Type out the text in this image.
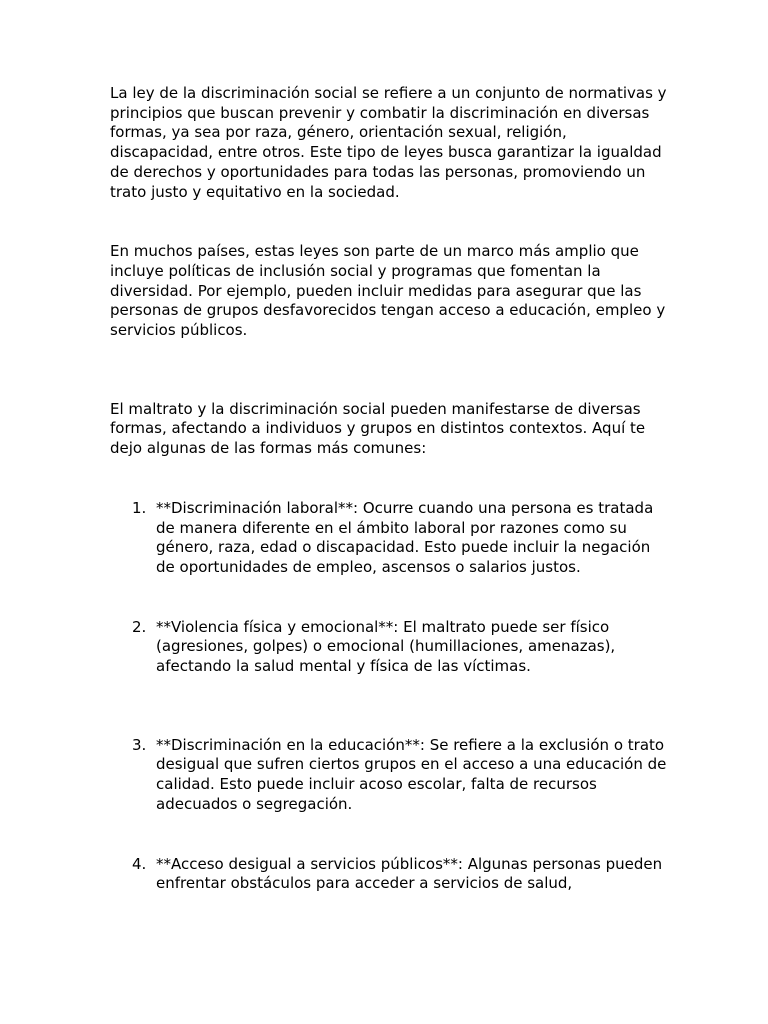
La ley de la discriminación social se refiere a un conjunto de normativas y principios que buscan prevenir y combatir la discriminación en diversas formas, ya sea por raza, género, orientación sexual, religión, discapacidad, entre otros. Este tipo de leyes busca garantizar la igualdad de derechos y oportunidades para todas las personas, promoviendo un trato justo y equitativo en la sociedad.

En muchos países, estas leyes son parte de un marco más amplio que incluye políticas de inclusión social y programas que fomentan la diversidad. Por ejemplo, pueden incluir medidas para asegurar que las personas de grupos desfavorecidos tengan acceso a educación, empleo y servicios públicos.

El maltrato y la discriminación social pueden manifestarse de diversas formas, afectando a individuos y grupos en distintos contextos. Aquí te dejo algunas de las formas más comunes:

1. **Discriminación laboral**: Ocurre cuando una persona es tratada de manera diferente en el ámbito laboral por razones como su género, raza, edad o discapacidad. Esto puede incluir la negación de oportunidades de empleo, ascensos o salarios justos.
2. **Violencia física y emocional**: El maltrato puede ser físico (agresiones, golpes) o emocional (humillaciones, amenazas), afectando la salud mental y física de las víctimas.
3. **Discriminación en la educación**: Se refiere a la exclusión o trato desigual que sufren ciertos grupos en el acceso a una educación de calidad. Esto puede incluir acoso escolar, falta de recursos adecuados o segregación.
4. **Acceso desigual a servicios públicos**: Algunas personas pueden enfrentar obstáculos para acceder a servicios de salud,
